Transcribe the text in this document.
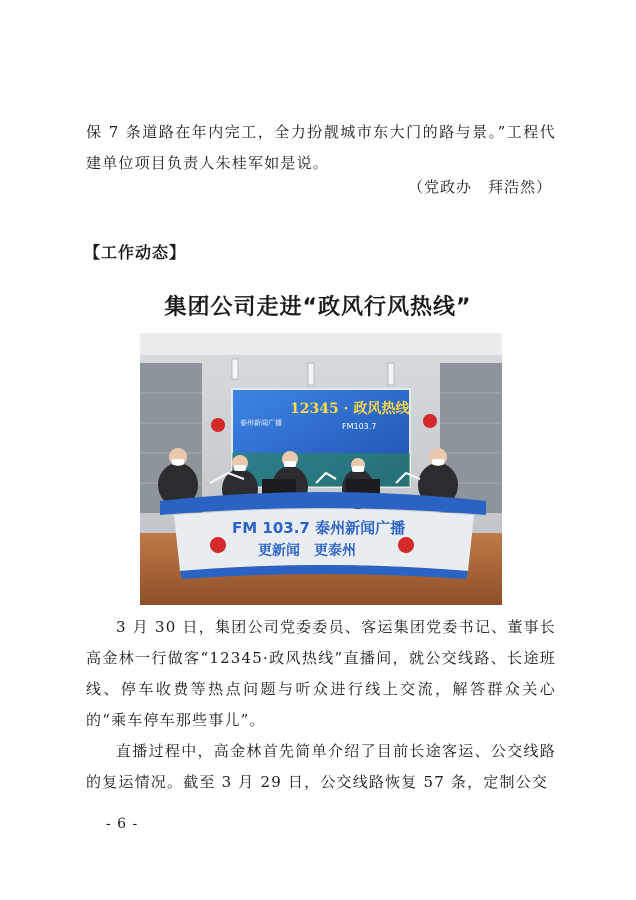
保 7 条道路在年内完工，全力扮靓城市东大门的路与景。”工程代建单位项目负责人朱桂军如是说。

（党政办　拜浩然）
【工作动态】
集团公司走进“政风行风热线”
泰州新闻广播
12345 · 政风热线
FM103.7
FM 103.7 泰州新闻广播
更新闻　更泰州

3 月 30 日，集团公司党委委员、客运集团党委书记、董事长高金林一行做客“12345·政风热线”直播间，就公交线路、长途班线、停车收费等热点问题与听众进行线上交流，解答群众关心的“乘车停车那些事儿”。

直播过程中，高金林首先简单介绍了目前长途客运、公交线路的复运情况。截至 3 月 29 日，公交线路恢复 57 条，定制公交

- 6 -
